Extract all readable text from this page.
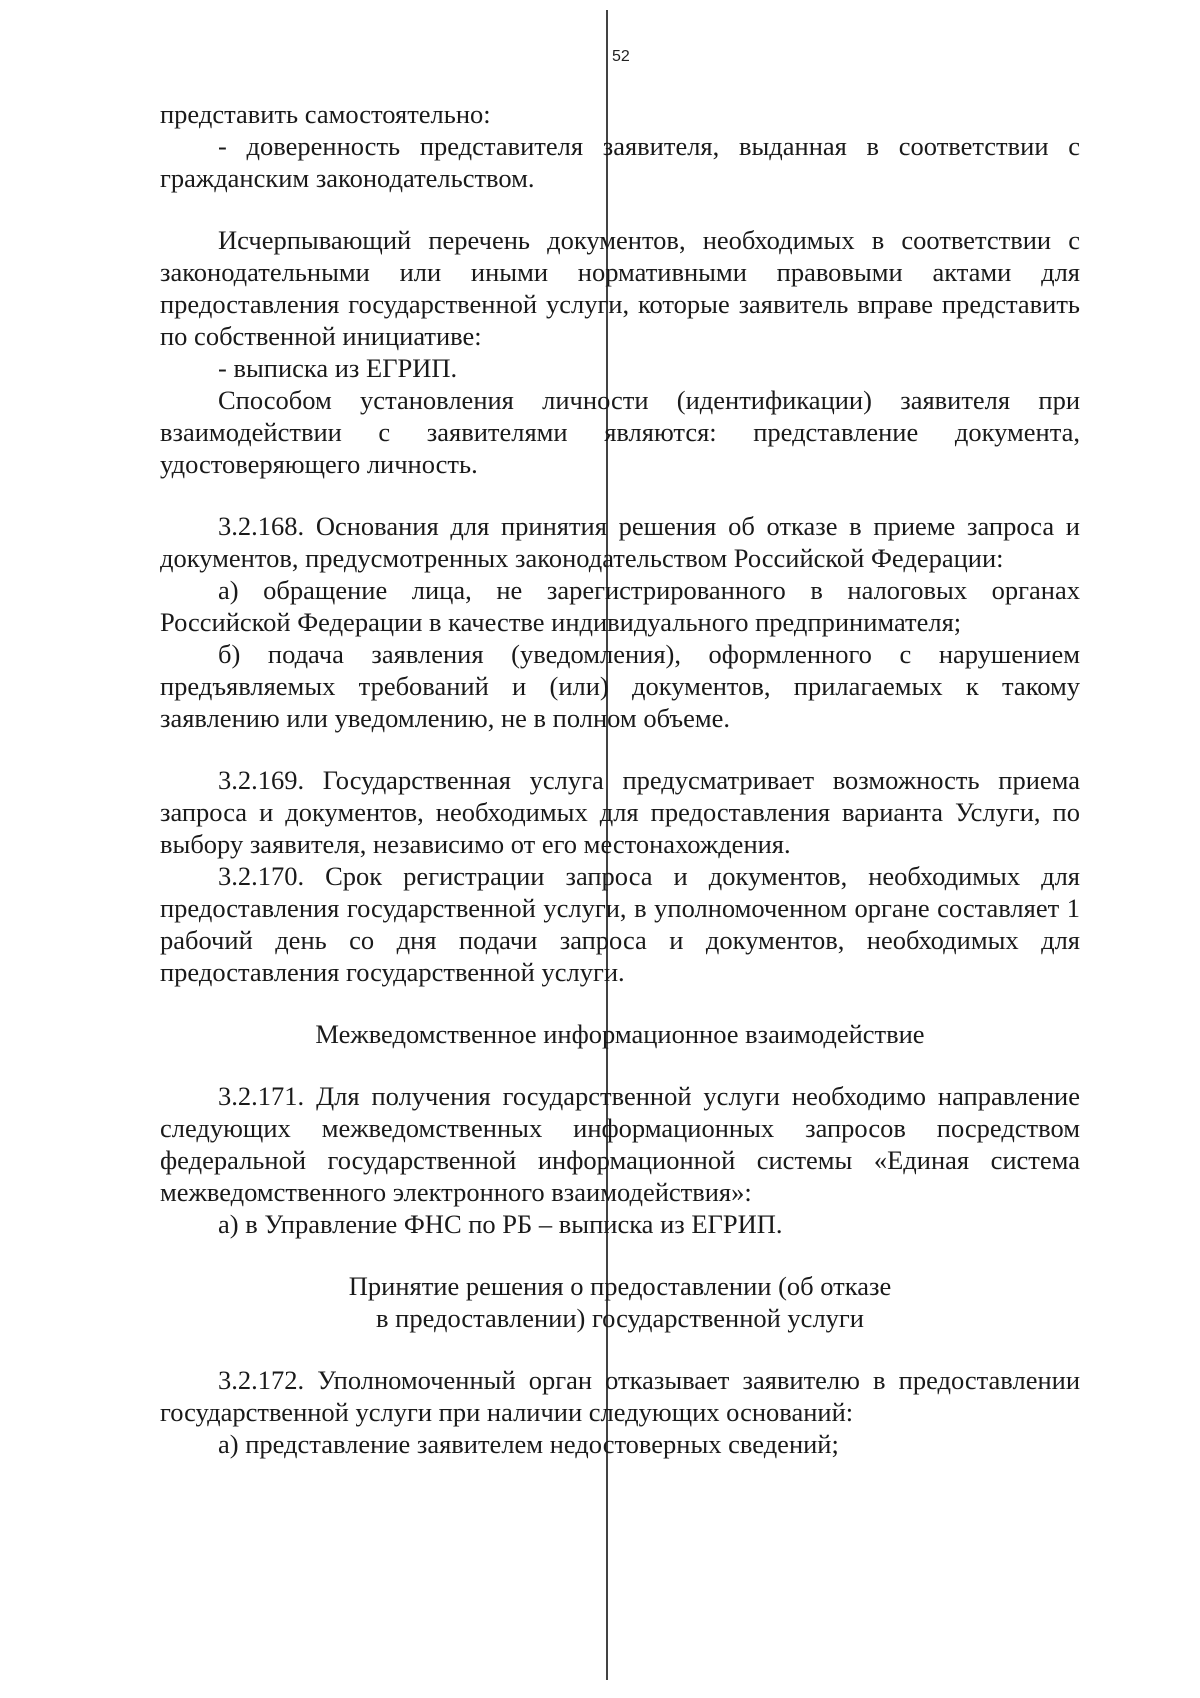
52

представить самостоятельно:

- доверенность представителя заявителя, выданная в соответствии с гражданским законодательством.

Исчерпывающий перечень документов, необходимых в соответствии с законодательными или иными нормативными правовыми актами для предоставления государственной услуги, которые заявитель вправе представить по собственной инициативе:

- выписка из ЕГРИП.

Способом установления личности (идентификации) заявителя при взаимодействии с заявителями являются: представление документа, удостоверяющего личность.

3.2.168. Основания для принятия решения об отказе в приеме запроса и документов, предусмотренных законодательством Российской Федерации:

а) обращение лица, не зарегистрированного в налоговых органах Российской Федерации в качестве индивидуального предпринимателя;

б) подача заявления (уведомления), оформленного с нарушением предъявляемых требований и (или) документов, прилагаемых к такому заявлению или уведомлению, не в полном объеме.

3.2.169. Государственная услуга предусматривает возможность приема запроса и документов, необходимых для предоставления варианта Услуги, по выбору заявителя, независимо от его местонахождения.

3.2.170. Срок регистрации запроса и документов, необходимых для предоставления государственной услуги, в уполномоченном органе составляет 1 рабочий день со дня подачи запроса и документов, необходимых для предоставления государственной услуги.

Межведомственное информационное взаимодействие

3.2.171. Для получения государственной услуги необходимо направление следующих межведомственных информационных запросов посредством федеральной государственной информационной системы «Единая система межведомственного электронного взаимодействия»:

а) в Управление ФНС по РБ – выписка из ЕГРИП.

Принятие решения о предоставлении (об отказе

в предоставлении) государственной услуги

3.2.172. Уполномоченный орган отказывает заявителю в предоставлении государственной услуги при наличии следующих оснований:

а) представление заявителем недостоверных сведений;
